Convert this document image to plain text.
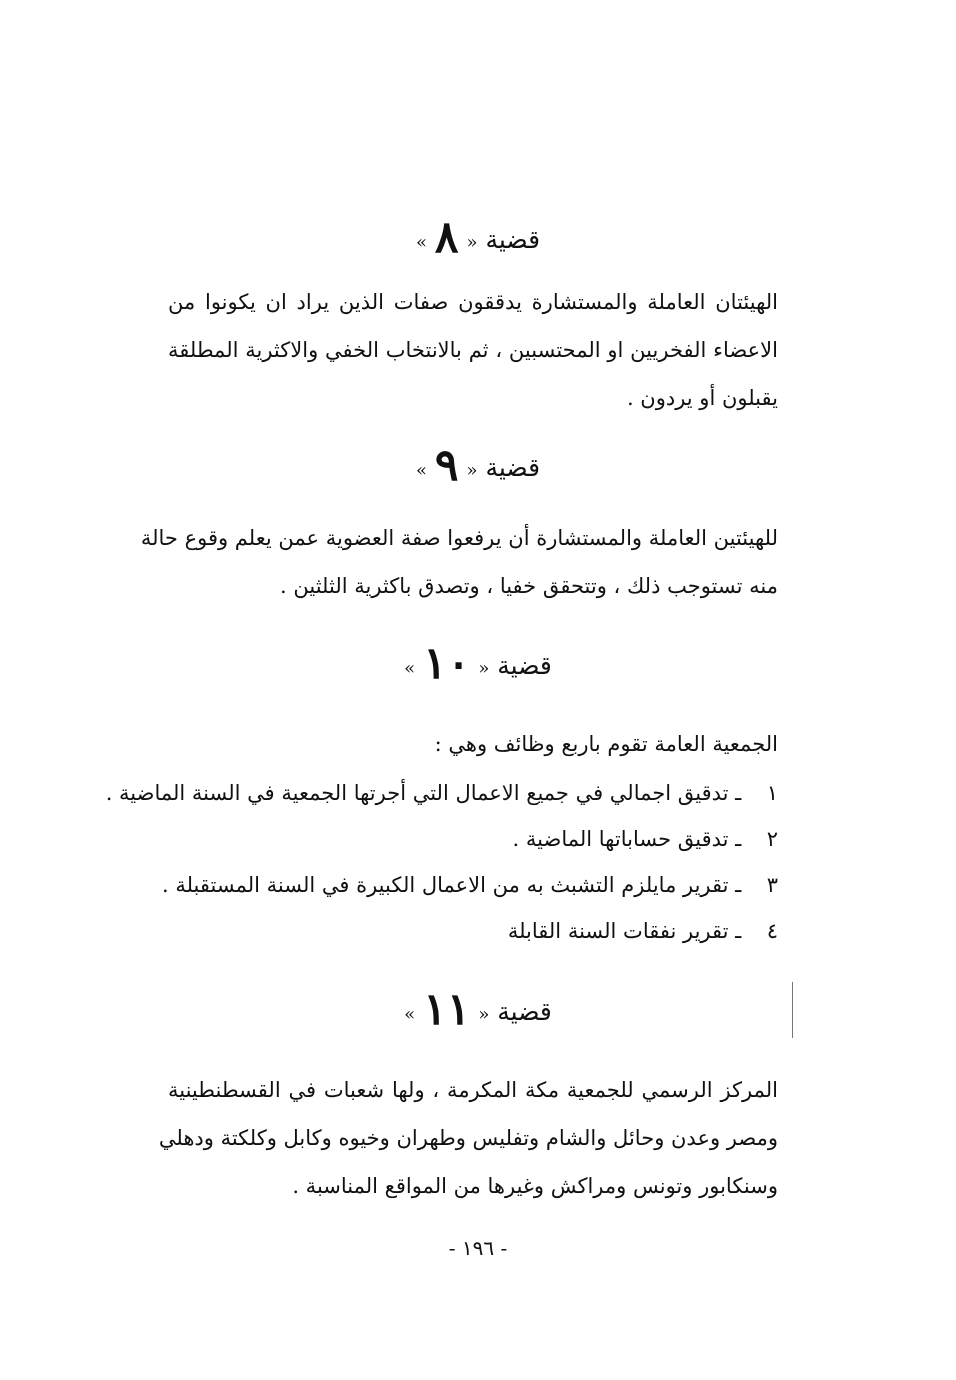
قضية « ٨ »
الهيئتان العاملة والمستشارة يدققون صفات الذين يراد ان يكونوا من
الاعضاء الفخريين او المحتسبين ، ثم بالانتخاب الخفي والاكثرية المطلقة
يقبلون أو يردون .
قضية « ٩ »
للهيئتين العاملة والمستشارة أن يرفعوا صفة العضوية عمن يعلم وقوع حالة
منه تستوجب ذلك ، وتتحقق خفيا ، وتصدق باكثرية الثلثين .
قضية « ١٠ »
الجمعية العامة تقوم باربع وظائف وهي :
١ ـ تدقيق اجمالي في جميع الاعمال التي أجرتها الجمعية في السنة الماضية .
٢ ـ تدقيق حساباتها الماضية .
٣ ـ تقرير مايلزم التشبث به من الاعمال الكبيرة في السنة المستقبلة .
٤ ـ تقرير نفقات السنة القابلة
قضية « ١١ »
المركز الرسمي للجمعية مكة المكرمة ، ولها شعبات في القسطنطينية
ومصر وعدن وحائل والشام وتفليس وطهران وخيوه وكابل وكلكتة ودهلي
وسنكابور وتونس ومراكش وغيرها من المواقع المناسبة .
- ١٩٦ -
